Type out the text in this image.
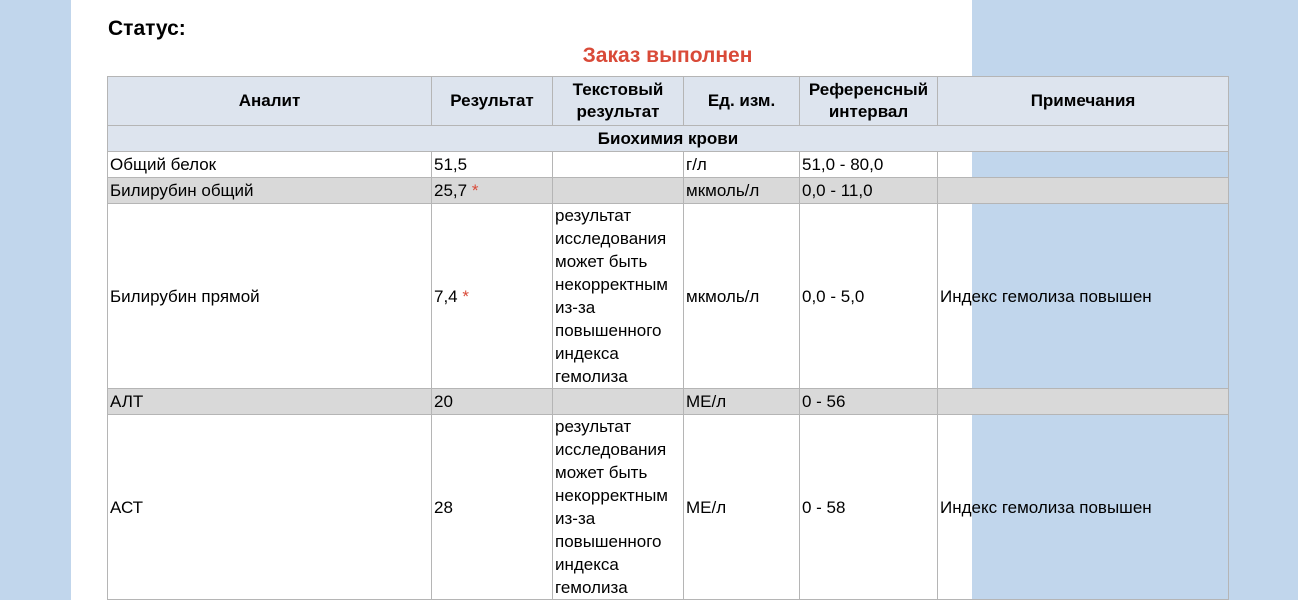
Статус:
Заказ выполнен
Аналит	Результат	Текстовый результат	Ед. изм.	Референсный интервал	Примечания
Биохимия крови					
Общий белок	51,5		г/л	51,0 - 80,0	
Билирубин общий	25,7 *		мкмоль/л	0,0 - 11,0	
Билирубин прямой	7,4 *	результат исследования может быть некорректным из-за повышенного индекса гемолиза	мкмоль/л	0,0 - 5,0	Индекс гемолиза повышен
АЛТ	20		МЕ/л	0 - 56	
АСТ	28	результат исследования может быть некорректным из-за повышенного индекса гемолиза	МЕ/л	0 - 58	Индекс гемолиза повышен
